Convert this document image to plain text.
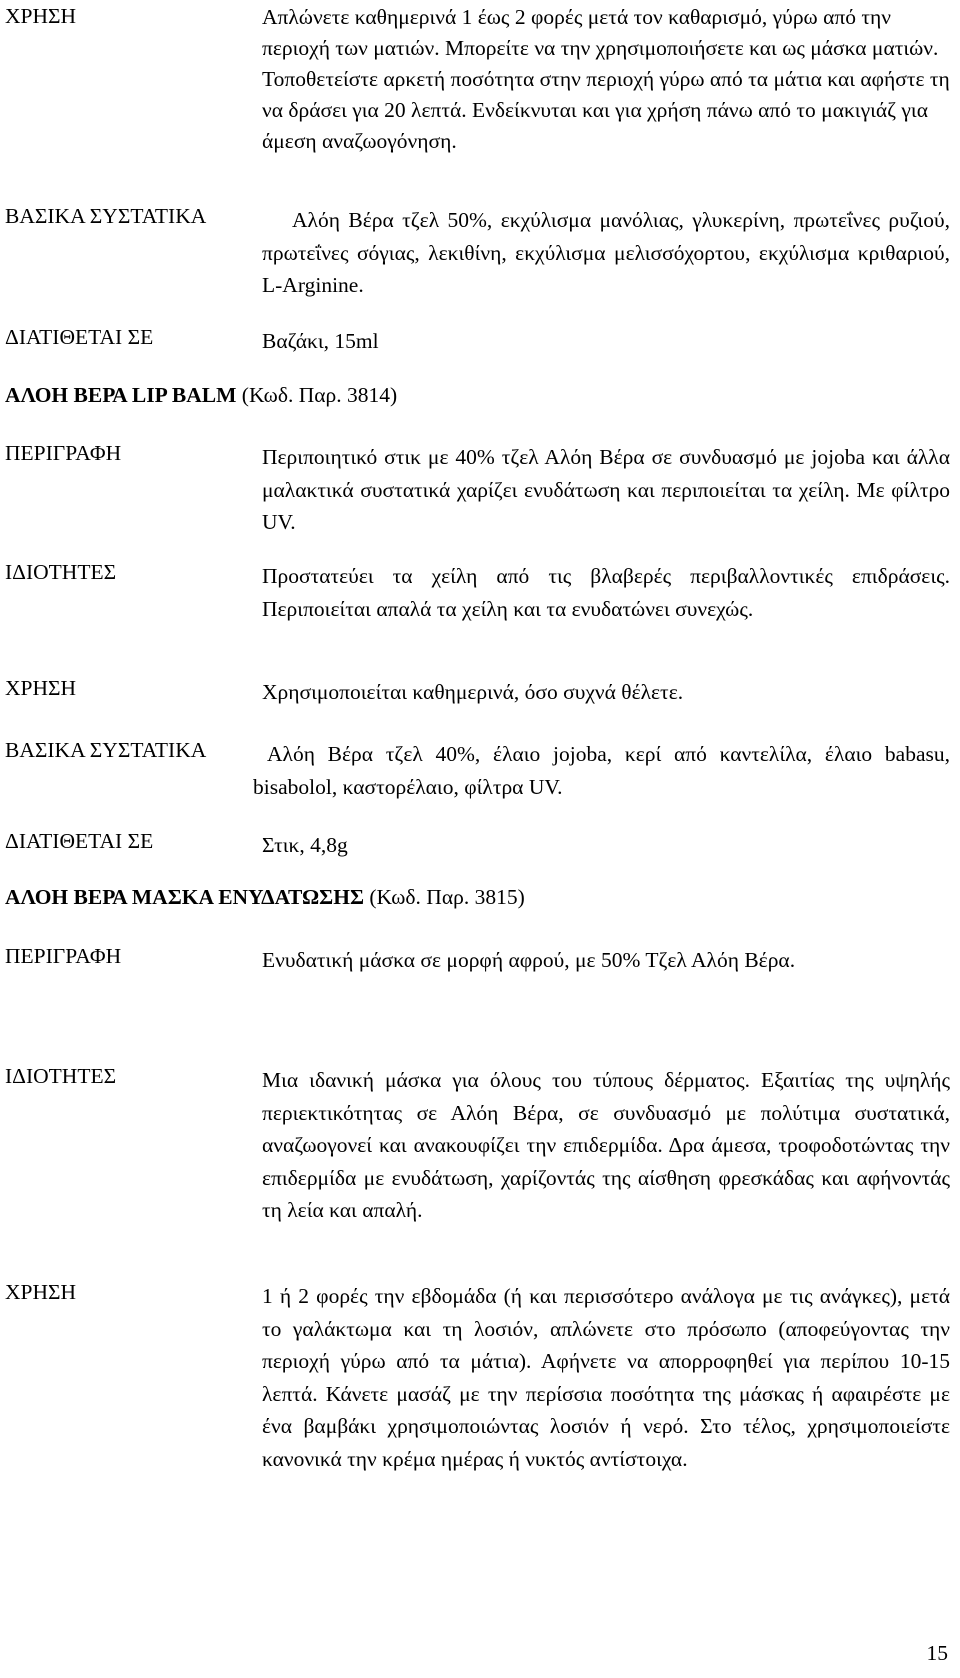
ΧΡΗΣΗ	Απλώνετε καθημερινά 1 έως 2 φορές μετά τον καθαρισμό, γύρω από την περιοχή των ματιών. Μπορείτε να την χρησιμοποιήσετε και ως μάσκα ματιών. Τοποθετείστε αρκετή ποσότητα στην περιοχή γύρω από τα μάτια και αφήστε τη να δράσει για 20 λεπτά. Ενδείκνυται και για χρήση πάνω από το μακιγιάζ για άμεση αναζωογόνηση.
ΒΑΣΙΚΑ ΣΥΣΤΑΤΙΚΑ	Αλόη Βέρα τζελ 50%, εκχύλισμα μανόλιας, γλυκερίνη, πρωτεΐνες ρυζιού, πρωτεΐνες σόγιας, λεκιθίνη, εκχύλισμα μελισσόχορτου, εκχύλισμα κριθαριού, L-Arginine.
ΔΙΑΤΙΘΕΤΑΙ ΣΕ	Βαζάκι, 15ml
ΑΛΟΗ ΒΕΡΑ LIP BALM (Κωδ. Παρ. 3814)
ΠΕΡΙΓΡΑΦΗ	Περιποιητικό στικ με 40% τζελ Αλόη Βέρα σε συνδυασμό με jojoba και άλλα μαλακτικά συστατικά χαρίζει ενυδάτωση και περιποιείται τα χείλη. Με φίλτρο UV.
ΙΔΙΟΤΗΤΕΣ	Προστατεύει τα χείλη από τις βλαβερές περιβαλλοντικές επιδράσεις. Περιποιείται απαλά τα χείλη και τα ενυδατώνει συνεχώς.
ΧΡΗΣΗ	Χρησιμοποιείται καθημερινά, όσο συχνά θέλετε.
ΒΑΣΙΚΑ ΣΥΣΤΑΤΙΚΑ	Αλόη Βέρα τζελ 40%, έλαιο jojoba, κερί από καντελίλα, έλαιο babasu, bisabolol, καστορέλαιο, φίλτρα UV.
ΔΙΑΤΙΘΕΤΑΙ ΣΕ	Στικ, 4,8g
ΑΛΟΗ ΒΕΡΑ ΜΑΣΚΑ ΕΝΥΔΑΤΩΣΗΣ (Κωδ. Παρ. 3815)
ΠΕΡΙΓΡΑΦΗ	Ενυδατική μάσκα σε μορφή αφρού, με 50% Τζελ Αλόη Βέρα.
ΙΔΙΟΤΗΤΕΣ	Μια ιδανική μάσκα για όλους του τύπους δέρματος. Εξαιτίας της υψηλής περιεκτικότητας σε Αλόη Βέρα, σε συνδυασμό με πολύτιμα συστατικά, αναζωογονεί και ανακουφίζει την επιδερμίδα. Δρα άμεσα, τροφοδοτώντας την επιδερμίδα με ενυδάτωση, χαρίζοντάς της αίσθηση φρεσκάδας και αφήνοντάς τη λεία και απαλή.
ΧΡΗΣΗ	1 ή 2 φορές την εβδομάδα (ή και περισσότερο ανάλογα με τις ανάγκες), μετά το γαλάκτωμα και τη λοσιόν, απλώνετε στο πρόσωπο (αποφεύγοντας την περιοχή γύρω από τα μάτια). Αφήνετε να απορροφηθεί για περίπου 10-15 λεπτά. Κάνετε μασάζ με την περίσσια ποσότητα της μάσκας ή αφαιρέστε με ένα βαμβάκι χρησιμοποιώντας λοσιόν ή νερό. Στο τέλος, χρησιμοποιείστε κανονικά την κρέμα ημέρας ή νυκτός αντίστοιχα.
15
